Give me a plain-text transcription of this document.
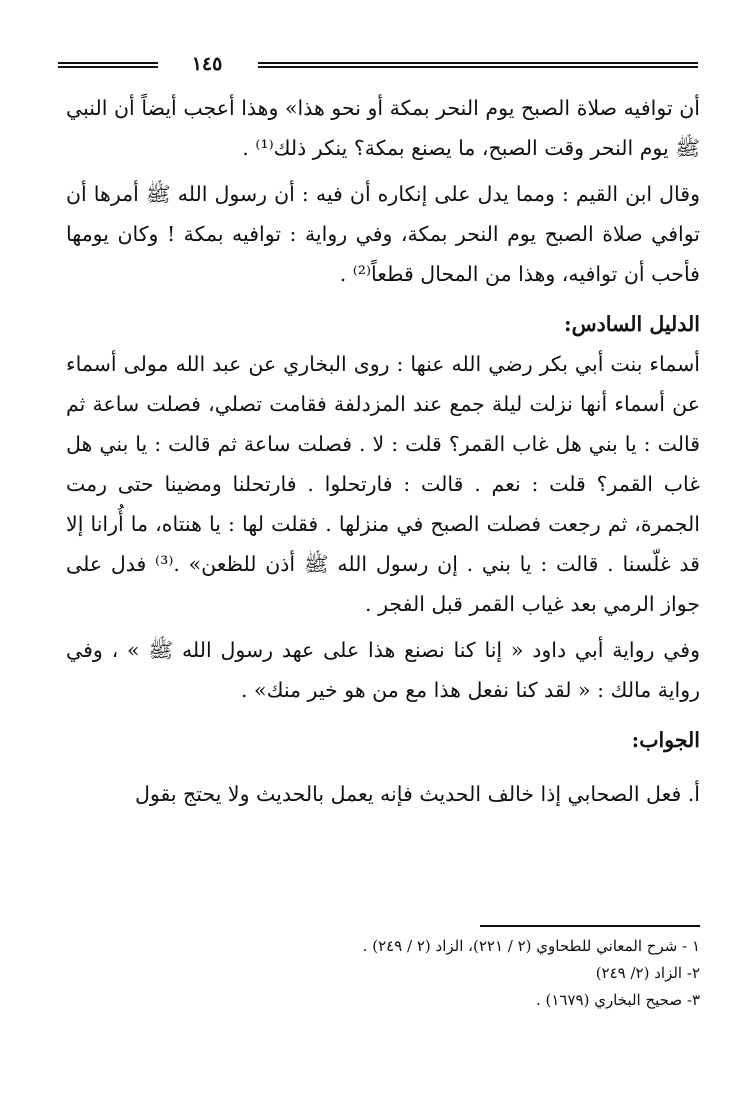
١٤٥

أن توافيه صلاة الصبح يوم النحر بمكة أو نحو هذا» وهذا أعجب أيضاً أن النبي ﷺ يوم النحر وقت الصبح، ما يصنع بمكة؟ ينكر ذلك⁽¹⁾ .

وقال ابن القيم : ومما يدل على إنكاره أن فيه : أن رسول الله ﷺ أمرها أن توافي صلاة الصبح يوم النحر بمكة، وفي رواية : توافيه بمكة ! وكان يومها فأحب أن توافيه، وهذا من المحال قطعاً⁽²⁾ .

الدليل السادس:

أسماء بنت أبي بكر رضي الله عنها : روى البخاري عن عبد الله مولى أسماء عن أسماء أنها نزلت ليلة جمع عند المزدلفة فقامت تصلي، فصلت ساعة ثم قالت : يا بني هل غاب القمر؟ قلت : لا . فصلت ساعة ثم قالت : يا بني هل غاب القمر؟ قلت : نعم . قالت : فارتحلوا . فارتحلنا ومضينا حتى رمت الجمرة، ثم رجعت فصلت الصبح في منزلها . فقلت لها : يا هنتاه، ما أُرانا إلا قد غلّسنا . قالت : يا بني . إن رسول الله ﷺ أذن للظعن» .⁽³⁾ فدل على جواز الرمي بعد غياب القمر قبل الفجر .

وفي رواية أبي داود « إنا كنا نصنع هذا على عهد رسول الله ﷺ » ، وفي رواية مالك : « لقد كنا نفعل هذا مع من هو خير منك» .

الجواب:

أ. فعل الصحابي إذا خالف الحديث فإنه يعمل بالحديث ولا يحتج بقول

١ - شرح المعاني للطحاوي (٢ / ٢٢١)، الزاد (٢ / ٢٤٩) .

٢- الزاد (٢/ ٢٤٩)

٣- صحيح البخاري (١٦٧٩) .
